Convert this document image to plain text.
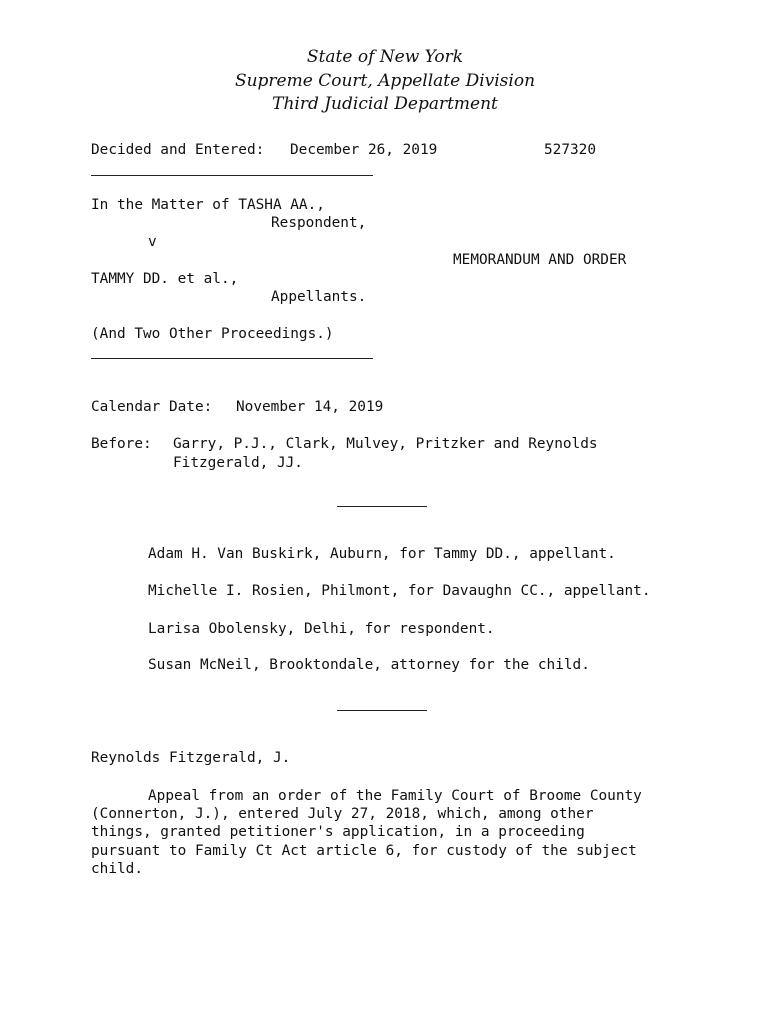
State of New York
Supreme Court, Appellate Division
Third Judicial Department
Decided and Entered: December 26, 2019	527320
In the Matter of TASHA AA.,
Respondent,
v
MEMORANDUM AND ORDER
TAMMY DD. et al.,
Appellants.
(And Two Other Proceedings.)
Calendar Date: November 14, 2019
Before: Garry, P.J., Clark, Mulvey, Pritzker and Reynolds
Fitzgerald, JJ.
Adam H. Van Buskirk, Auburn, for Tammy DD., appellant.
Michelle I. Rosien, Philmont, for Davaughn CC., appellant.
Larisa Obolensky, Delhi, for respondent.
Susan McNeil, Brooktondale, attorney for the child.
Reynolds Fitzgerald, J.
Appeal from an order of the Family Court of Broome County
(Connerton, J.), entered July 27, 2018, which, among other
things, granted petitioner's application, in a proceeding
pursuant to Family Ct Act article 6, for custody of the subject
child.
